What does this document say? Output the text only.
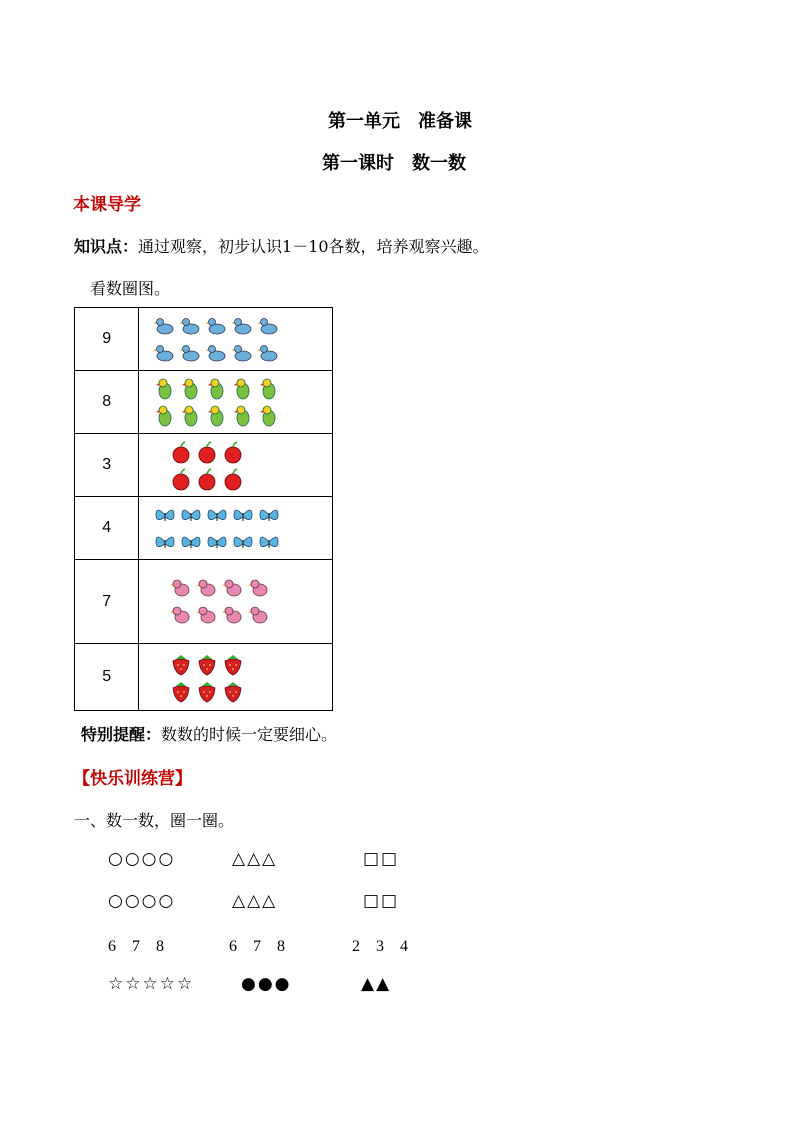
第一单元　准备课
第一课时　数一数
本课导学
知识点：通过观察，初步认识1－10各数，培养观察兴趣。
看数圈图。
9	

8	

3	

4	

7	

5	
特别提醒：数数的时候一定要细心。
【快乐训练营】
一、数一数，圈一圈。
○○○○	△△△	□□
○○○○	△△△	□□
6　7　8	6　7　8	2　3　4
☆☆☆☆☆	●●●	▲▲
